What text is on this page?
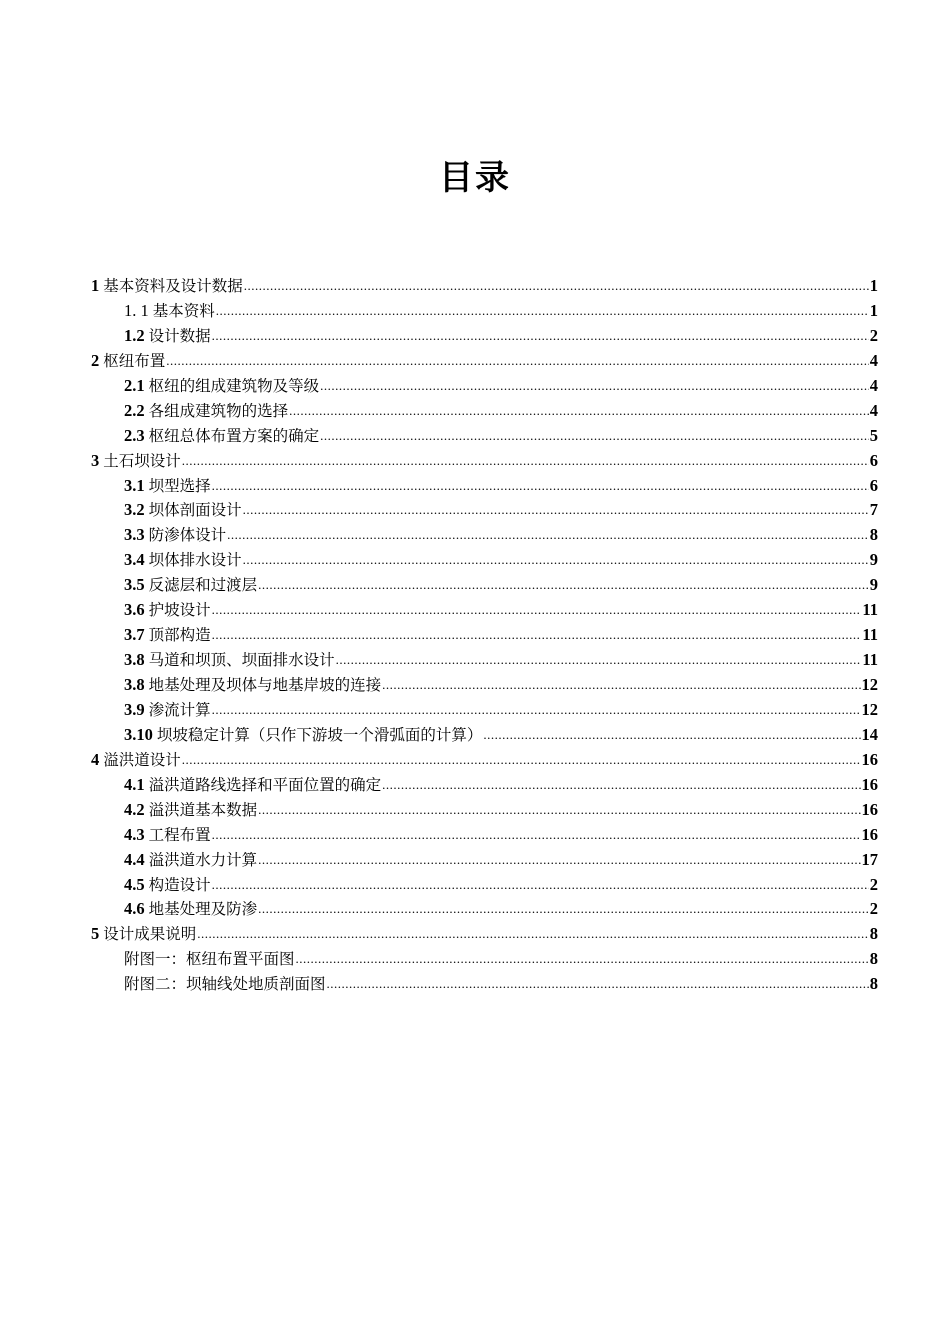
目录
1 基本资料及设计数据 .....	1
1. 1 基本资料 .....	1
1.2 设计数据 .....	2
2 枢纽布置 .....	4
2.1 枢纽的组成建筑物及等级 .....	4
2.2 各组成建筑物的选择 .....	4
2.3 枢纽总体布置方案的确定 .....	5
3 土石坝设计 .....	6
3.1 坝型选择 .....	6
3.2 坝体剖面设计 .....	7
3.3 防渗体设计 .....	8
3.4 坝体排水设计 .....	9
3.5 反滤层和过渡层 .....	9
3.6 护坡设计 .....	11
3.7 顶部构造 .....	11
3.8 马道和坝顶、坝面排水设计 .....	11
3.8 地基处理及坝体与地基岸坡的连接 .....	12
3.9 渗流计算 .....	12
3.10 坝坡稳定计算（只作下游坡一个滑弧面的计算） .....	14
4 溢洪道设计 .....	16
4.1 溢洪道路线选择和平面位置的确定 .....	16
4.2 溢洪道基本数据 .....	16
4.3 工程布置 .....	16
4.4 溢洪道水力计算 .....	17
4.5 构造设计 .....	2
4.6 地基处理及防渗 .....	2
5 设计成果说明 .....	8
附图一：枢纽布置平面图 .....	8
附图二：坝轴线处地质剖面图 .....	8
